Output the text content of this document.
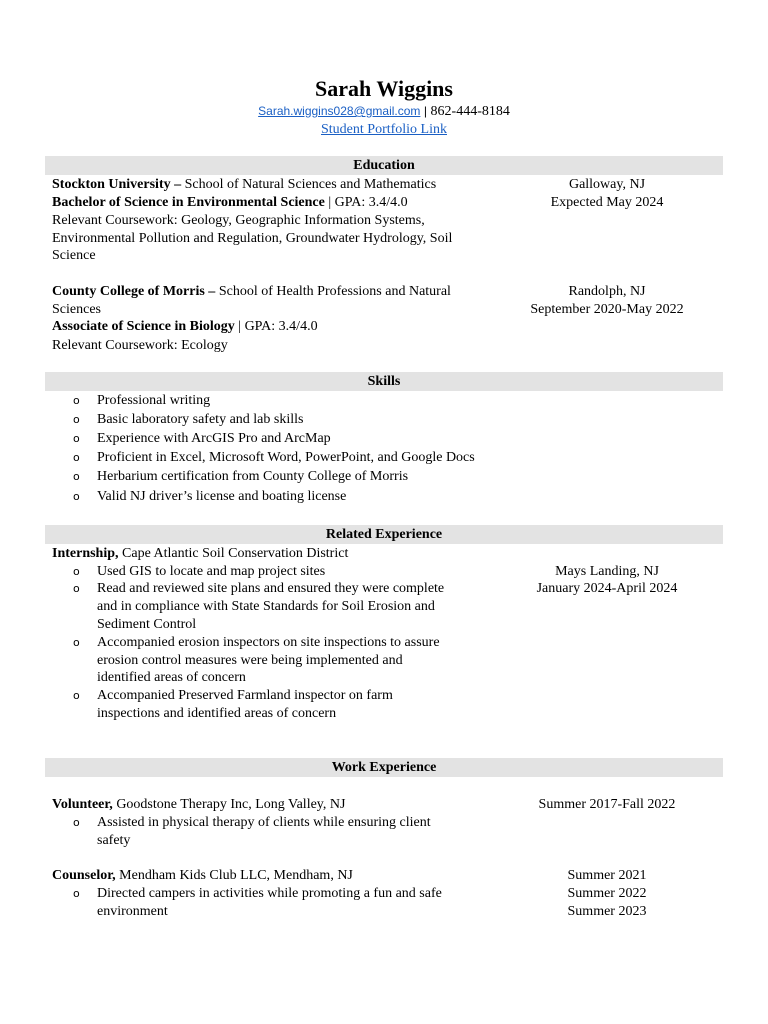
Sarah Wiggins
Sarah.wiggins028@gmail.com | 862-444-8184
Student Portfolio Link
Education
Stockton University – School of Natural Sciences and Mathematics
Bachelor of Science in Environmental Science | GPA: 3.4/4.0
Relevant Coursework: Geology, Geographic Information Systems,
Environmental Pollution and Regulation, Groundwater Hydrology, Soil
Science
Galloway, NJ
Expected May 2024
County College of Morris – School of Health Professions and Natural
Sciences
Associate of Science in Biology | GPA: 3.4/4.0
Relevant Coursework: Ecology
Randolph, NJ
September 2020-May 2022
Skills
o Professional writing
o Basic laboratory safety and lab skills
o Experience with ArcGIS Pro and ArcMap
o Proficient in Excel, Microsoft Word, PowerPoint, and Google Docs
o Herbarium certification from County College of Morris
o Valid NJ driver’s license and boating license
Related Experience
Internship, Cape Atlantic Soil Conservation District
Mays Landing, NJ
January 2024-April 2024
o Used GIS to locate and map project sites
o Read and reviewed site plans and ensured they were complete
and in compliance with State Standards for Soil Erosion and
Sediment Control
o Accompanied erosion inspectors on site inspections to assure
erosion control measures were being implemented and
identified areas of concern
o Accompanied Preserved Farmland inspector on farm
inspections and identified areas of concern
Work Experience
Volunteer, Goodstone Therapy Inc, Long Valley, NJ	Summer 2017-Fall 2022
o Assisted in physical therapy of clients while ensuring client
safety
Counselor, Mendham Kids Club LLC, Mendham, NJ	Summer 2021
Summer 2022
Summer 2023
o Directed campers in activities while promoting a fun and safe
environment
